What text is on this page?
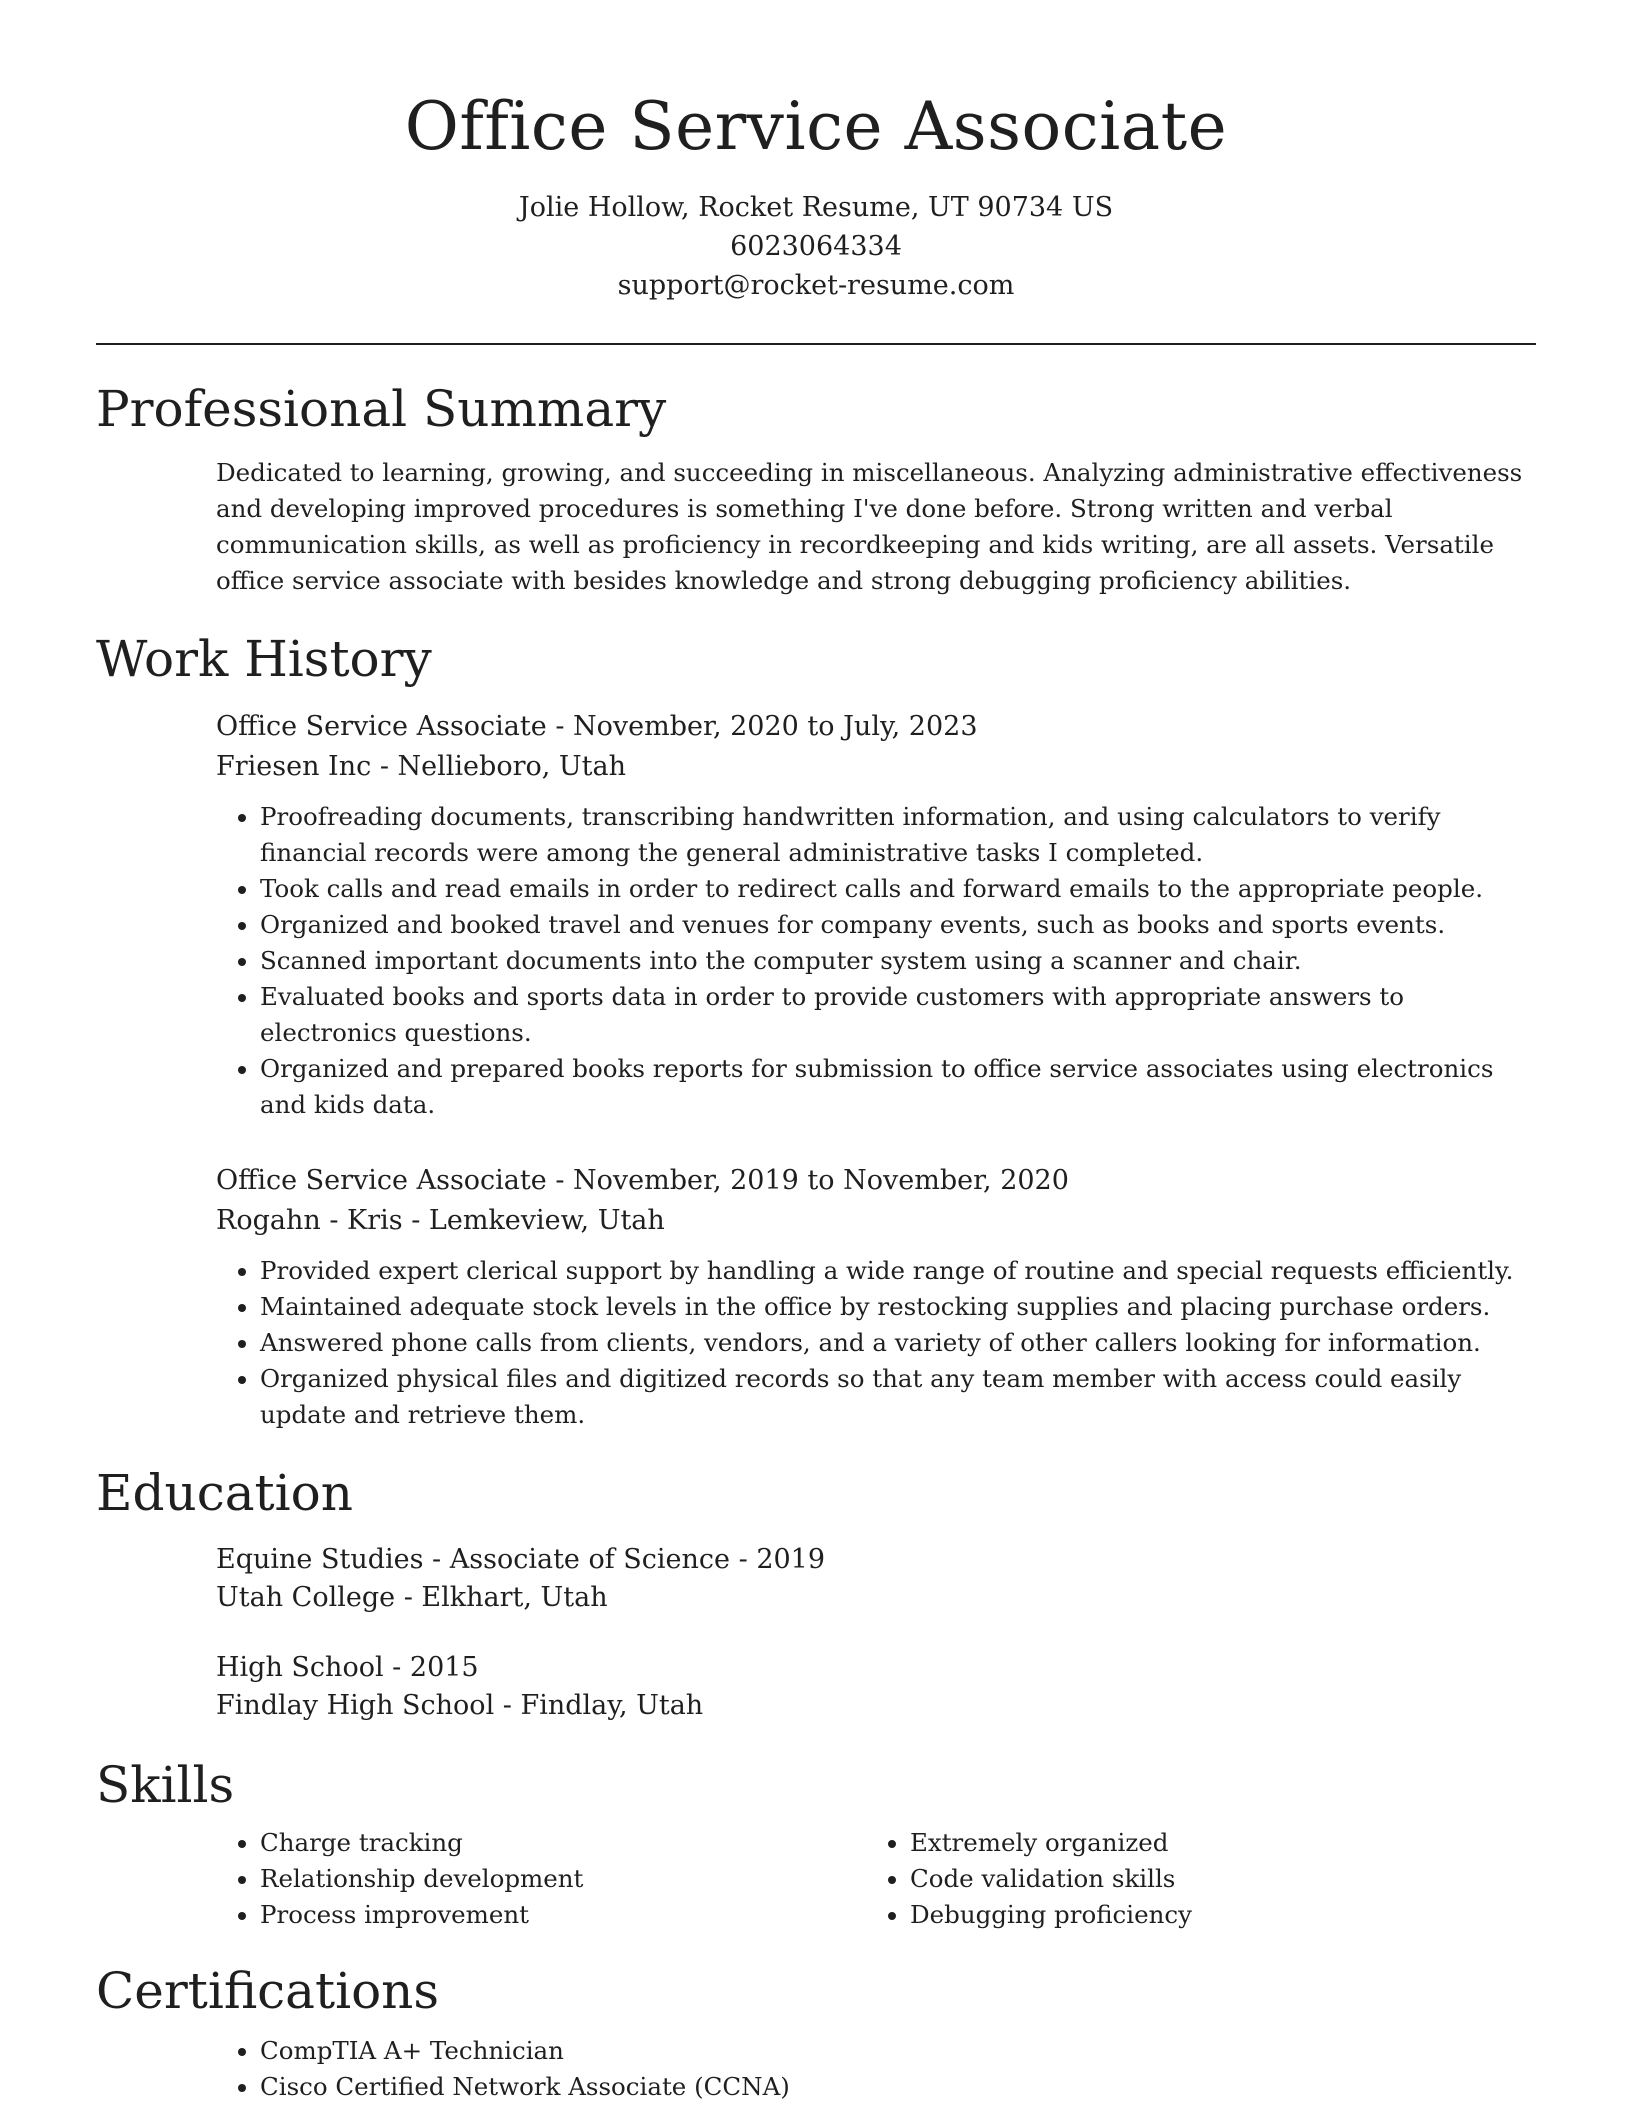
Office Service Associate

Jolie Hollow, Rocket Resume, UT 90734 US

6023064334

support@rocket-resume.com

Professional Summary

Dedicated to learning, growing, and succeeding in miscellaneous. Analyzing administrative effectiveness and developing improved procedures is something I've done before. Strong written and verbal communication skills, as well as proficiency in recordkeeping and kids writing, are all assets. Versatile office service associate with besides knowledge and strong debugging proficiency abilities.

Work History

Office Service Associate - November, 2020 to July, 2023

Friesen Inc - Nellieboro, Utah

• Proofreading documents, transcribing handwritten information, and using calculators to verify financial records were among the general administrative tasks I completed.
• Took calls and read emails in order to redirect calls and forward emails to the appropriate people.
• Organized and booked travel and venues for company events, such as books and sports events.
• Scanned important documents into the computer system using a scanner and chair.
• Evaluated books and sports data in order to provide customers with appropriate answers to electronics questions.
• Organized and prepared books reports for submission to office service associates using electronics and kids data.

Office Service Associate - November, 2019 to November, 2020

Rogahn - Kris - Lemkeview, Utah

• Provided expert clerical support by handling a wide range of routine and special requests efficiently.
• Maintained adequate stock levels in the office by restocking supplies and placing purchase orders.
• Answered phone calls from clients, vendors, and a variety of other callers looking for information.
• Organized physical files and digitized records so that any team member with access could easily update and retrieve them.
Education

Equine Studies - Associate of Science - 2019

Utah College - Elkhart, Utah

High School - 2015

Findlay High School - Findlay, Utah

Skills
• Charge tracking
• Relationship development
• Process improvement
• Extremely organized
• Code validation skills
• Debugging proficiency
Certifications
• CompTIA A+ Technician
• Cisco Certified Network Associate (CCNA)
